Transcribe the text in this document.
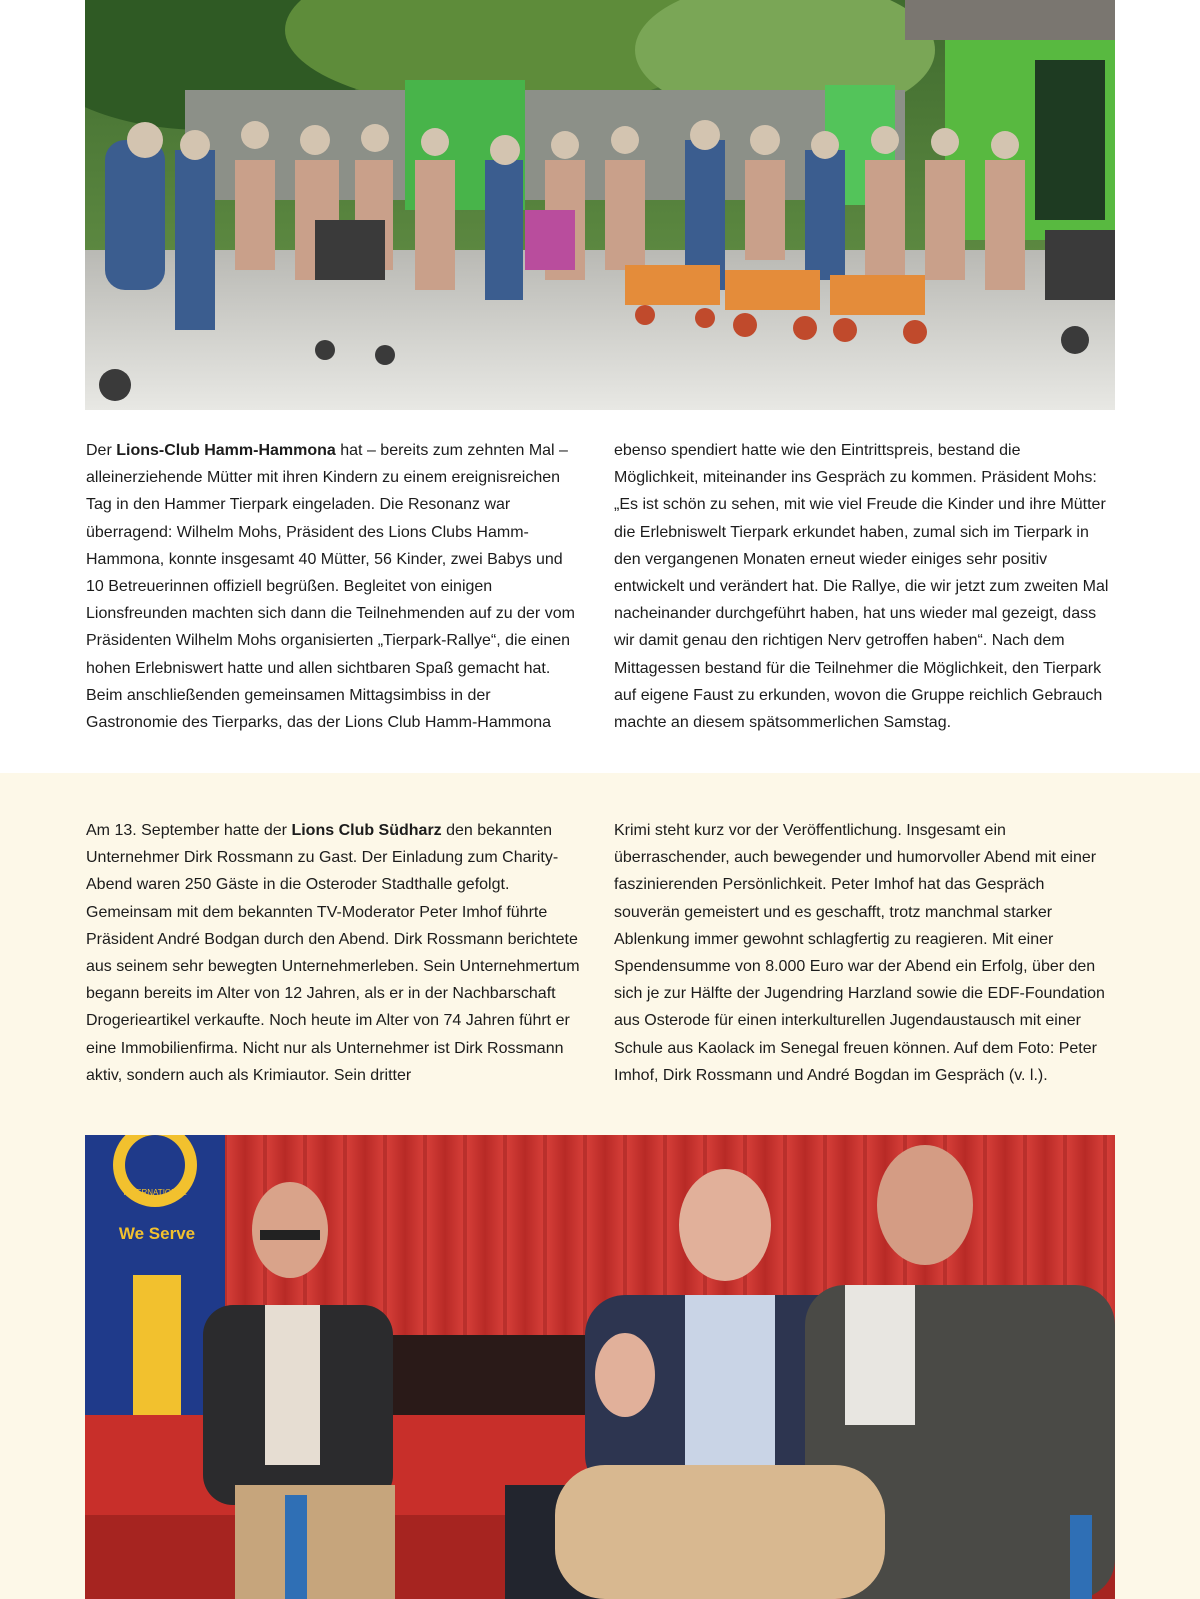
Der Lions-Club Hamm-Hammona hat – bereits zum zehnten Mal – alleinerziehende Mütter mit ihren Kindern zu einem ereignisreichen Tag in den Hammer Tierpark eingeladen. Die Resonanz war überragend: Wilhelm Mohs, Präsident des Lions Clubs Hamm-Hammona, konnte insgesamt 40 Mütter, 56 Kinder, zwei Babys und 10 Betreuerinnen offiziell begrüßen. Begleitet von einigen Lionsfreunden machten sich dann die Teilnehmenden auf zu der vom Präsidenten Wilhelm Mohs organisierten „Tierpark-Rallye“, die einen hohen Erlebniswert hatte und allen sichtbaren Spaß gemacht hat. Beim anschließenden gemeinsamen Mittagsimbiss in der Gastronomie des Tierparks, das der Lions Club Hamm-Hammona

ebenso spendiert hatte wie den Eintrittspreis, bestand die Möglichkeit, miteinander ins Gespräch zu kommen. Präsident Mohs: „Es ist schön zu sehen, mit wie viel Freude die Kinder und ihre Mütter die Erlebniswelt Tierpark erkundet haben, zumal sich im Tierpark in den vergangenen Monaten erneut wieder einiges sehr positiv entwickelt und verändert hat. Die Rallye, die wir jetzt zum zweiten Mal nacheinander durchgeführt haben, hat uns wieder mal gezeigt, dass wir damit genau den richtigen Nerv getroffen haben“. Nach dem Mittagessen bestand für die Teilnehmer die Möglichkeit, den Tierpark auf eigene Faust zu erkunden, wovon die Gruppe reichlich Gebrauch machte an diesem spätsommerlichen Samstag.

Am 13. September hatte der Lions Club Südharz den bekannten Unternehmer Dirk Rossmann zu Gast. Der Einladung zum Charity-Abend waren 250 Gäste in die Osteroder Stadthalle gefolgt. Gemeinsam mit dem bekannten TV-Moderator Peter Imhof führte Präsident André Bodgan durch den Abend. Dirk Rossmann berichtete aus seinem sehr bewegten Unternehmerleben. Sein Unternehmertum begann bereits im Alter von 12 Jahren, als er in der Nachbarschaft Drogerieartikel verkaufte. Noch heute im Alter von 74 Jahren führt er eine Immobilienfirma. Nicht nur als Unternehmer ist Dirk Rossmann aktiv, sondern auch als Krimiautor. Sein dritter

Krimi steht kurz vor der Veröffentlichung. Insgesamt ein überraschender, auch bewegender und humorvoller Abend mit einer faszinierenden Persönlichkeit. Peter Imhof hat das Gespräch souverän gemeistert und es geschafft, trotz manchmal starker Ablenkung immer gewohnt schlagfertig zu reagieren. Mit einer Spendensumme von 8.000 Euro war der Abend ein Erfolg, über den sich je zur Hälfte der Jugendring Harzland sowie die EDF-Foundation aus Osterode für einen interkulturellen Jugendaustausch mit einer Schule aus Kaolack im Senegal freuen können. Auf dem Foto: Peter Imhof, Dirk Rossmann und André Bogdan im Gespräch (v. l.).

INTERNATIONAL
We Serve
